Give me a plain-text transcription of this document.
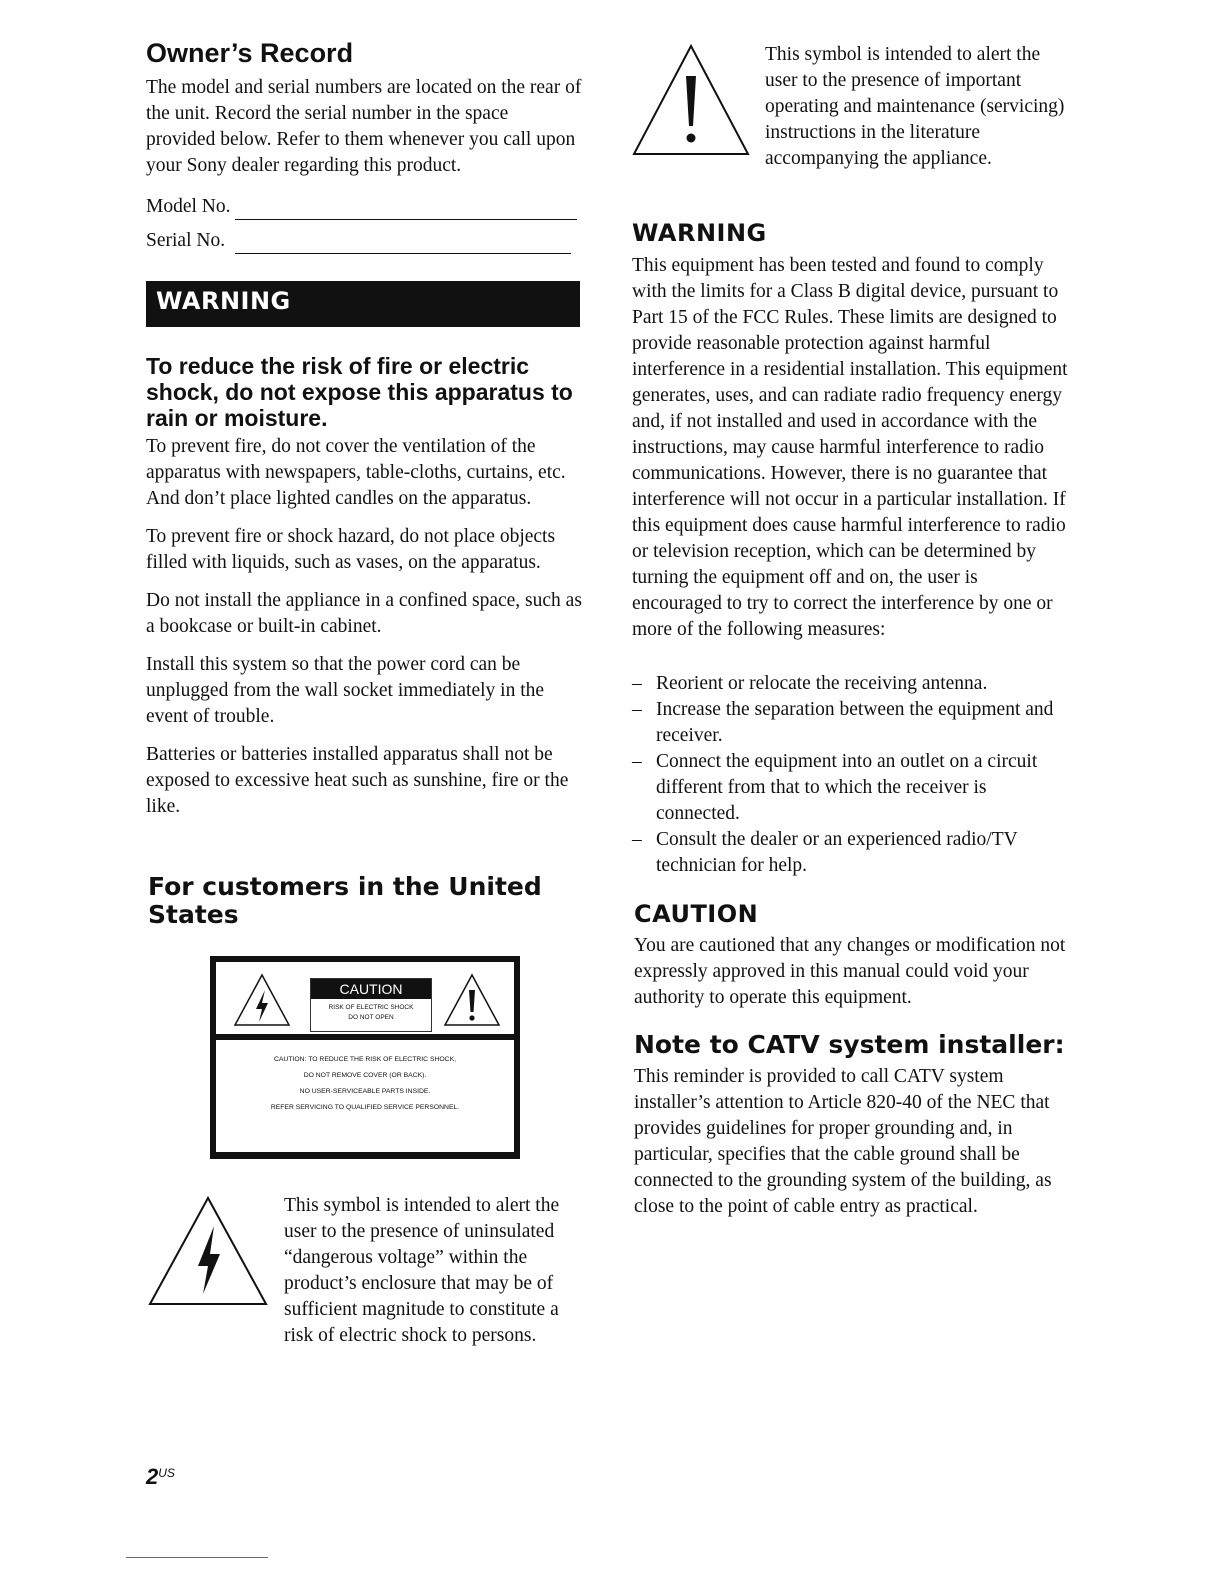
Owner’s Record

The model and serial numbers are located on the rear of the unit. Record the serial number in the space provided below. Refer to them whenever you call upon your Sony dealer regarding this product.

Model No.
Serial No.
WARNING
To reduce the risk of fire or electric shock, do not expose this apparatus to rain or moisture.

To prevent fire, do not cover the ventilation of the apparatus with newspapers, table-cloths, curtains, etc. And don’t place lighted candles on the apparatus.

To prevent fire or shock hazard, do not place objects filled with liquids, such as vases, on the apparatus.

Do not install the appliance in a confined space, such as a bookcase or built-in cabinet.

Install this system so that the power cord can be unplugged from the wall socket immediately in the event of trouble.

Batteries or batteries installed apparatus shall not be exposed to excessive heat such as sunshine, fire or the like.

For customers in the United States
CAUTION
RISK OF ELECTRIC SHOCK
DO NOT OPEN
CAUTION: TO REDUCE THE RISK OF ELECTRIC SHOCK,
DO NOT REMOVE COVER (OR BACK).
NO USER-SERVICEABLE PARTS INSIDE.
REFER SERVICING TO QUALIFIED SERVICE PERSONNEL.

This symbol is intended to alert the user to the presence of uninsulated “dangerous voltage” within the product’s enclosure that may be of sufficient magnitude to constitute a risk of electric shock to persons.

$2^{US}$

This symbol is intended to alert the user to the presence of important operating and maintenance (servicing) instructions in the literature accompanying the appliance.

WARNING

This equipment has been tested and found to comply with the limits for a Class B digital device, pursuant to Part 15 of the FCC Rules. These limits are designed to provide reasonable protection against harmful interference in a residential installation. This equipment generates, uses, and can radiate radio frequency energy and, if not installed and used in accordance with the instructions, may cause harmful interference to radio communications. However, there is no guarantee that interference will not occur in a particular installation. If this equipment does cause harmful interference to radio or television reception, which can be determined by turning the equipment off and on, the user is encouraged to try to correct the interference by one or more of the following measures:

– Reorient or relocate the receiving antenna.
– Increase the separation between the equipment and receiver.
– Connect the equipment into an outlet on a circuit different from that to which the receiver is connected.
– Consult the dealer or an experienced radio/TV technician for help.
CAUTION

You are cautioned that any changes or modification not expressly approved in this manual could void your authority to operate this equipment.

Note to CATV system installer:

This reminder is provided to call CATV system installer’s attention to Article 820-40 of the NEC that provides guidelines for proper grounding and, in particular, specifies that the cable ground shall be connected to the grounding system of the building, as close to the point of cable entry as practical.
